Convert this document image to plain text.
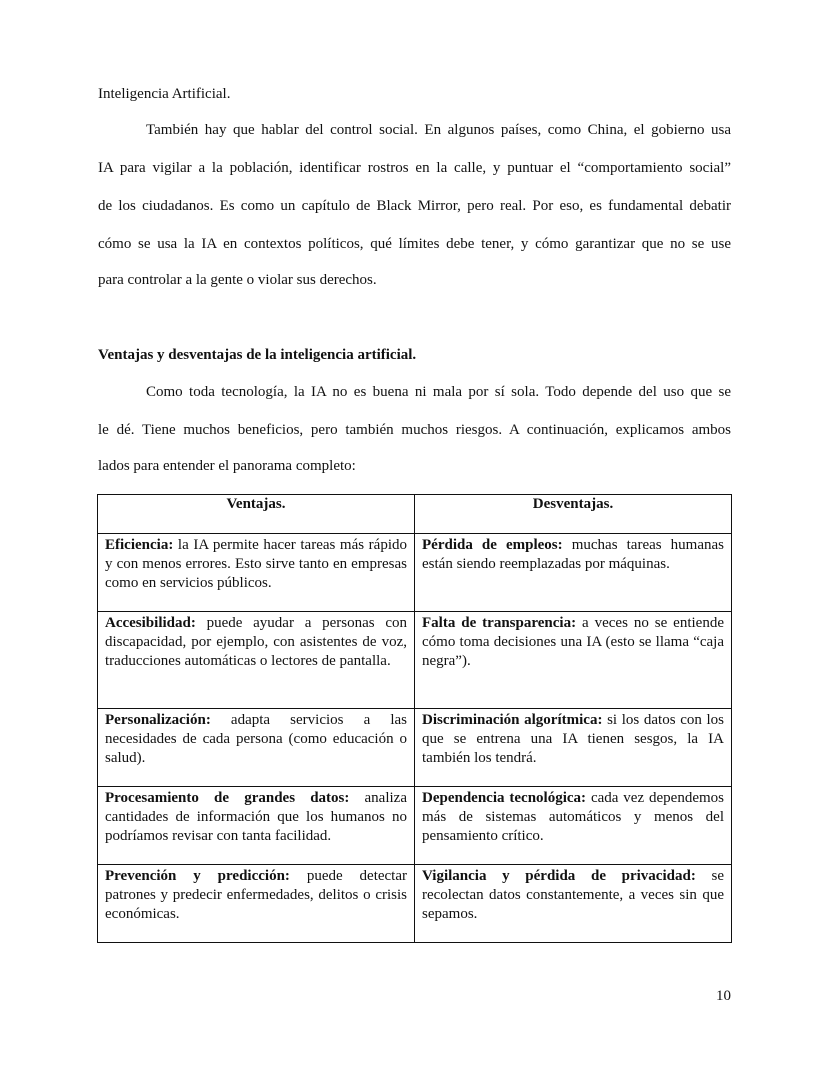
Inteligencia Artificial.
También hay que hablar del control social. En algunos países, como China, el gobierno usa
IA para vigilar a la población, identificar rostros en la calle, y puntuar el “comportamiento social”
de los ciudadanos. Es como un capítulo de Black Mirror, pero real. Por eso, es fundamental debatir
cómo se usa la IA en contextos políticos, qué límites debe tener, y cómo garantizar que no se use
para controlar a la gente o violar sus derechos.
Ventajas y desventajas de la inteligencia artificial.
Como toda tecnología, la IA no es buena ni mala por sí sola. Todo depende del uso que se
le dé. Tiene muchos beneficios, pero también muchos riesgos. A continuación, explicamos ambos
lados para entender el panorama completo:
Ventajas.	Desventajas.
Eficiencia: la IA permite hacer tareas más rápido y con menos errores. Esto sirve tanto en empresas como en servicios públicos.	Pérdida de empleos: muchas tareas humanas están siendo reemplazadas por máquinas.
Accesibilidad: puede ayudar a personas con discapacidad, por ejemplo, con asistentes de voz, traducciones automáticas o lectores de pantalla.	Falta de transparencia: a veces no se entiende cómo toma decisiones una IA (esto se llama “caja negra”).
Personalización: adapta servicios a las necesidades de cada persona (como educación o salud).	Discriminación algorítmica: si los datos con los que se entrena una IA tienen sesgos, la IA también los tendrá.
Procesamiento de grandes datos: analiza cantidades de información que los humanos no podríamos revisar con tanta facilidad.	Dependencia tecnológica: cada vez dependemos más de sistemas automáticos y menos del pensamiento crítico.
Prevención y predicción: puede detectar patrones y predecir enfermedades, delitos o crisis económicas.	Vigilancia y pérdida de privacidad: se recolectan datos constantemente, a veces sin que sepamos.
10
